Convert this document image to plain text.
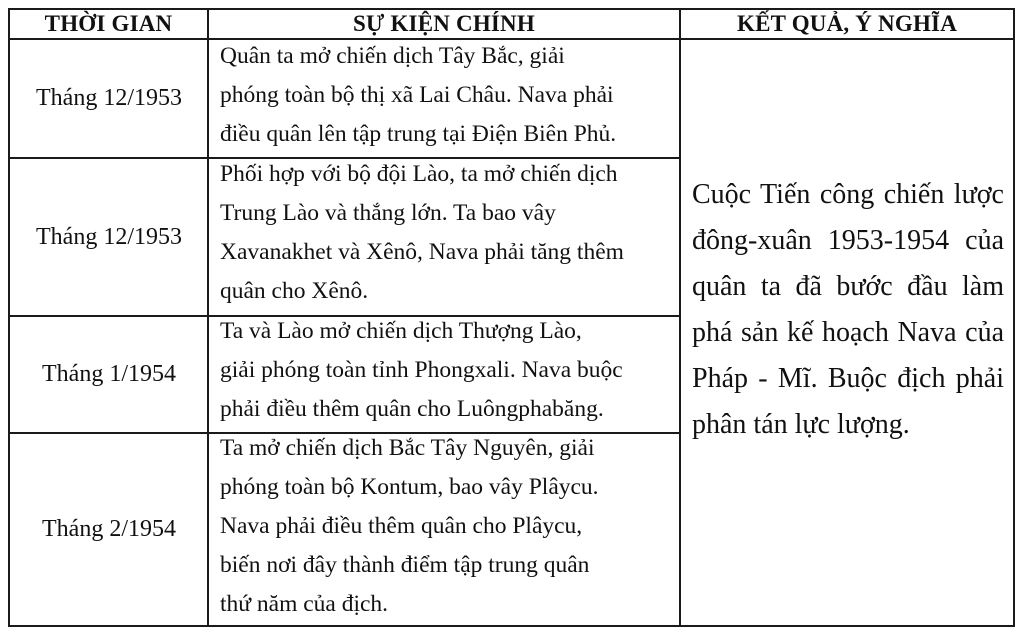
THỜI GIAN	SỰ KIỆN CHÍNH	KẾT QUẢ, Ý NGHĨA
Tháng 12/1953
Quân ta mở chiến dịch Tây Bắc, giải
phóng toàn bộ thị xã Lai Châu. Nava phải
điều quân lên tập trung tại Điện Biên Phủ.
Tháng 12/1953
Phối hợp với bộ đội Lào, ta mở chiến dịch
Trung Lào và thắng lớn. Ta bao vây
Xavanakhet và Xênô, Nava phải tăng thêm
quân cho Xênô.
Tháng 1/1954
Ta và Lào mở chiến dịch Thượng Lào,
giải phóng toàn tỉnh Phongxali. Nava buộc
phải điều thêm quân cho Luôngphabăng.
Tháng 2/1954
Ta mở chiến dịch Bắc Tây Nguyên, giải
phóng toàn bộ Kontum, bao vây Plâycu.
Nava phải điều thêm quân cho Plâycu,
biến nơi đây thành điểm tập trung quân
thứ năm của địch.
Cuộc Tiến công chiến lược đông-xuân 1953-1954 của quân ta đã bước đầu làm phá sản kế hoạch Nava của Pháp - Mĩ. Buộc địch phải phân tán lực lượng.
